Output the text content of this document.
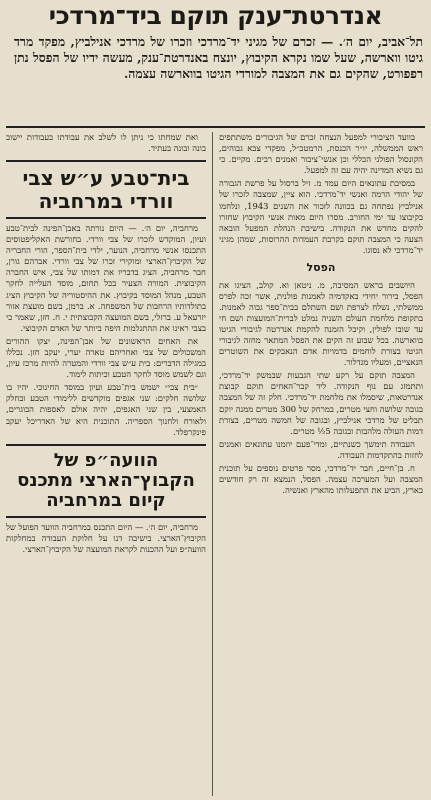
אנדרטת־ענק תוקם ביד־מרדכי
תל־אביב, יום ה׳. — זכרם של מגיני יד־מרדכי וזכרו של מרדכי אנילביץ, מפקד מרד גיטו ווארשה, שעל שמו נקרא הקיבוץ, יונצח באנדרטת־ענק, מעשה ידיו של הפסל נתן רפפורט, שהקים גם את המצבה למורדי הגיטו בווארשה עצמה.

בוועד הציבורי למפעל הנצחה זכרם של הגיבורים משתתפים ראש הממשלה, יו״ר הכנסת, הרמטכ״ל, מפקדי צבא גבוהים, הקונסול הפולני הכללי וכן אנשי־ציבור ואמנים רבים. מקיים. כי גם נשיא המדינה יהיה עם זה למפעל.

במסיבת עתונאים היום עמד מ. זיל ברסול על פרשת הגבורה של יהודי הרמה ואנשי יד־מרדכי. הוא ציין, שמצבה לזכרו של אנילביץ נפתחה גם בכוונה לזכור את השנים 1943, ונלחמו בקיבוצו עד ימי החורב. מסרו היום מאות אנשי הקיבוץ שחזרו להקים מחדש את הנקודה. בישיבת הנהלת המפעל הובאה הצעה כי המצבה תוקם בקרבת העמדות ההרוסות, שמהן מגיני יד־מרדכי לא נסוגו.

הפסל

היושבים בראש המסיבה, מ. ניטאן וא. קולב, הציגו את הפסל, בירור יחידי באקדמיה לאמנות פולנית, אשר זכה לפרס ממשלתי, נשלח לצרפת ושם השתלם בבית־ספר גבוה לאמנות. בתקופת מלחמת העולם השניה נמלט לברית־המועצות ושם חי עד שובו לפולין, וקיבל הזמנה להקמת אנדרטה לגיבורי הגיטו בווארשה. בכל שבוע זה הקים את הפסל המתאר מחזה לגיבורי הגיטו בצורת לוחמים בדמויות אדם הנאבקים את השוטרים הנאציים, ומעליו מגדלור.

המצבה תוקם על רקע שתי הגבעות שבמשק יד־מרדכי, ותתמזג עם נוף הנקודה. ליד קבר־האחים תוקם קבוצת אנדרטאות, שיסמלו את מלחמת יד־מרדכי. חלק זה של המצבה בגובה שלושה וחצי מטרים, במרחק של 300 מטרים ממנה יוקם תבליט של מרדכי אנילביץ, ובגובה של חמשה מטרים, בצורת דמות העולה מלהבות ובגובה 5½ מטרים.

העבודה תימשך כשנתיים, ומדי־פעם יוזמנו עתונאים ואמנים לחזות בהתקדמות העבודה.

ח. בן־חיים, חבר יד־מרדכי, מסר פרטים נוספים על תוכנית המצבה ועל המערכה עצמה. הפסל, הנמצא זה רק חודשים בארץ, הביע את התפעלותו מהארץ ואנשיה.

ואת שמחתו כי ניתן לו לשלב את עבודתו בעבודות יישוב בונה ובונה בעתיד.

בית־טבע ע״ש צבי וורדי במרחביה

מרחביה, יום ה׳. — היום נורתה באבן־הפינה לבית־טבע ועיון, המוקדש לזכרו של צבי וורדי. בחורשת האקליפטוסים התכנסו אנשי מרחביה, הנוער, ילדי בית־הספר, הורי החבריה של הקיבוץ־הארצי ומוקירי זכרו של צבי וורדי. אברהם גורן, חבר מרחביה, הציג בדבריו את דמותו של צבי, איש החברה הקיבוצית. המורה הצעיר בכל תחום, מוסד העלייה לחקר הטבע, מנהל המוסד בקיבוץ. את ההיסטוריה של הקיבוץ הציג בתולדותיו הרחבות של המשפחה. א. ברמן, בשם מועצת אזור יזרעאל ע. ברזלי, בשם המועצה הקבוצתית י. ח. חזן, שאמר כי בצבי ראינו את ההתגלמות היפה ביותר של האדם הקיבוצי.

את האחים הראשונים של אבן־הפינה, יצקו ההורים המשכולים של צבי ואחריהם טארה יערי, יעקב חזן. נכללו במגילה הדברים: בית ע״ש צבי וורדי והמטרה להיות מרכז עיון, וגם לשמש מוסד לחקר הטבע וכיתות לימוד.

״בית צבי״ ישמש בית־טבע ועיון במוסד החינוכי. יהיו בו שלושה חלקים: שני אגפים מוקדשים ללימודי הטבע ובחלק האמצעי, בין שני האגפים, יהיה אולם לאספות הבוגרים, ולאורח ולחנוך הספריה. התוכנית היא של האדריכל יעקב פינקרפלד.

הוועה״פ של הקבוץ־הארצי מתכנס קיום במרחביה

מרחביה, יום ה׳. — היום התכנס במרחביה הוועד הפועל של הקיבוץ־הארצי. בישיבה דנו על חלוקת העבודה במחלקות הוועה״פ ועל ההכנות לקראת המועצה של הקיבוץ־הארצי.
